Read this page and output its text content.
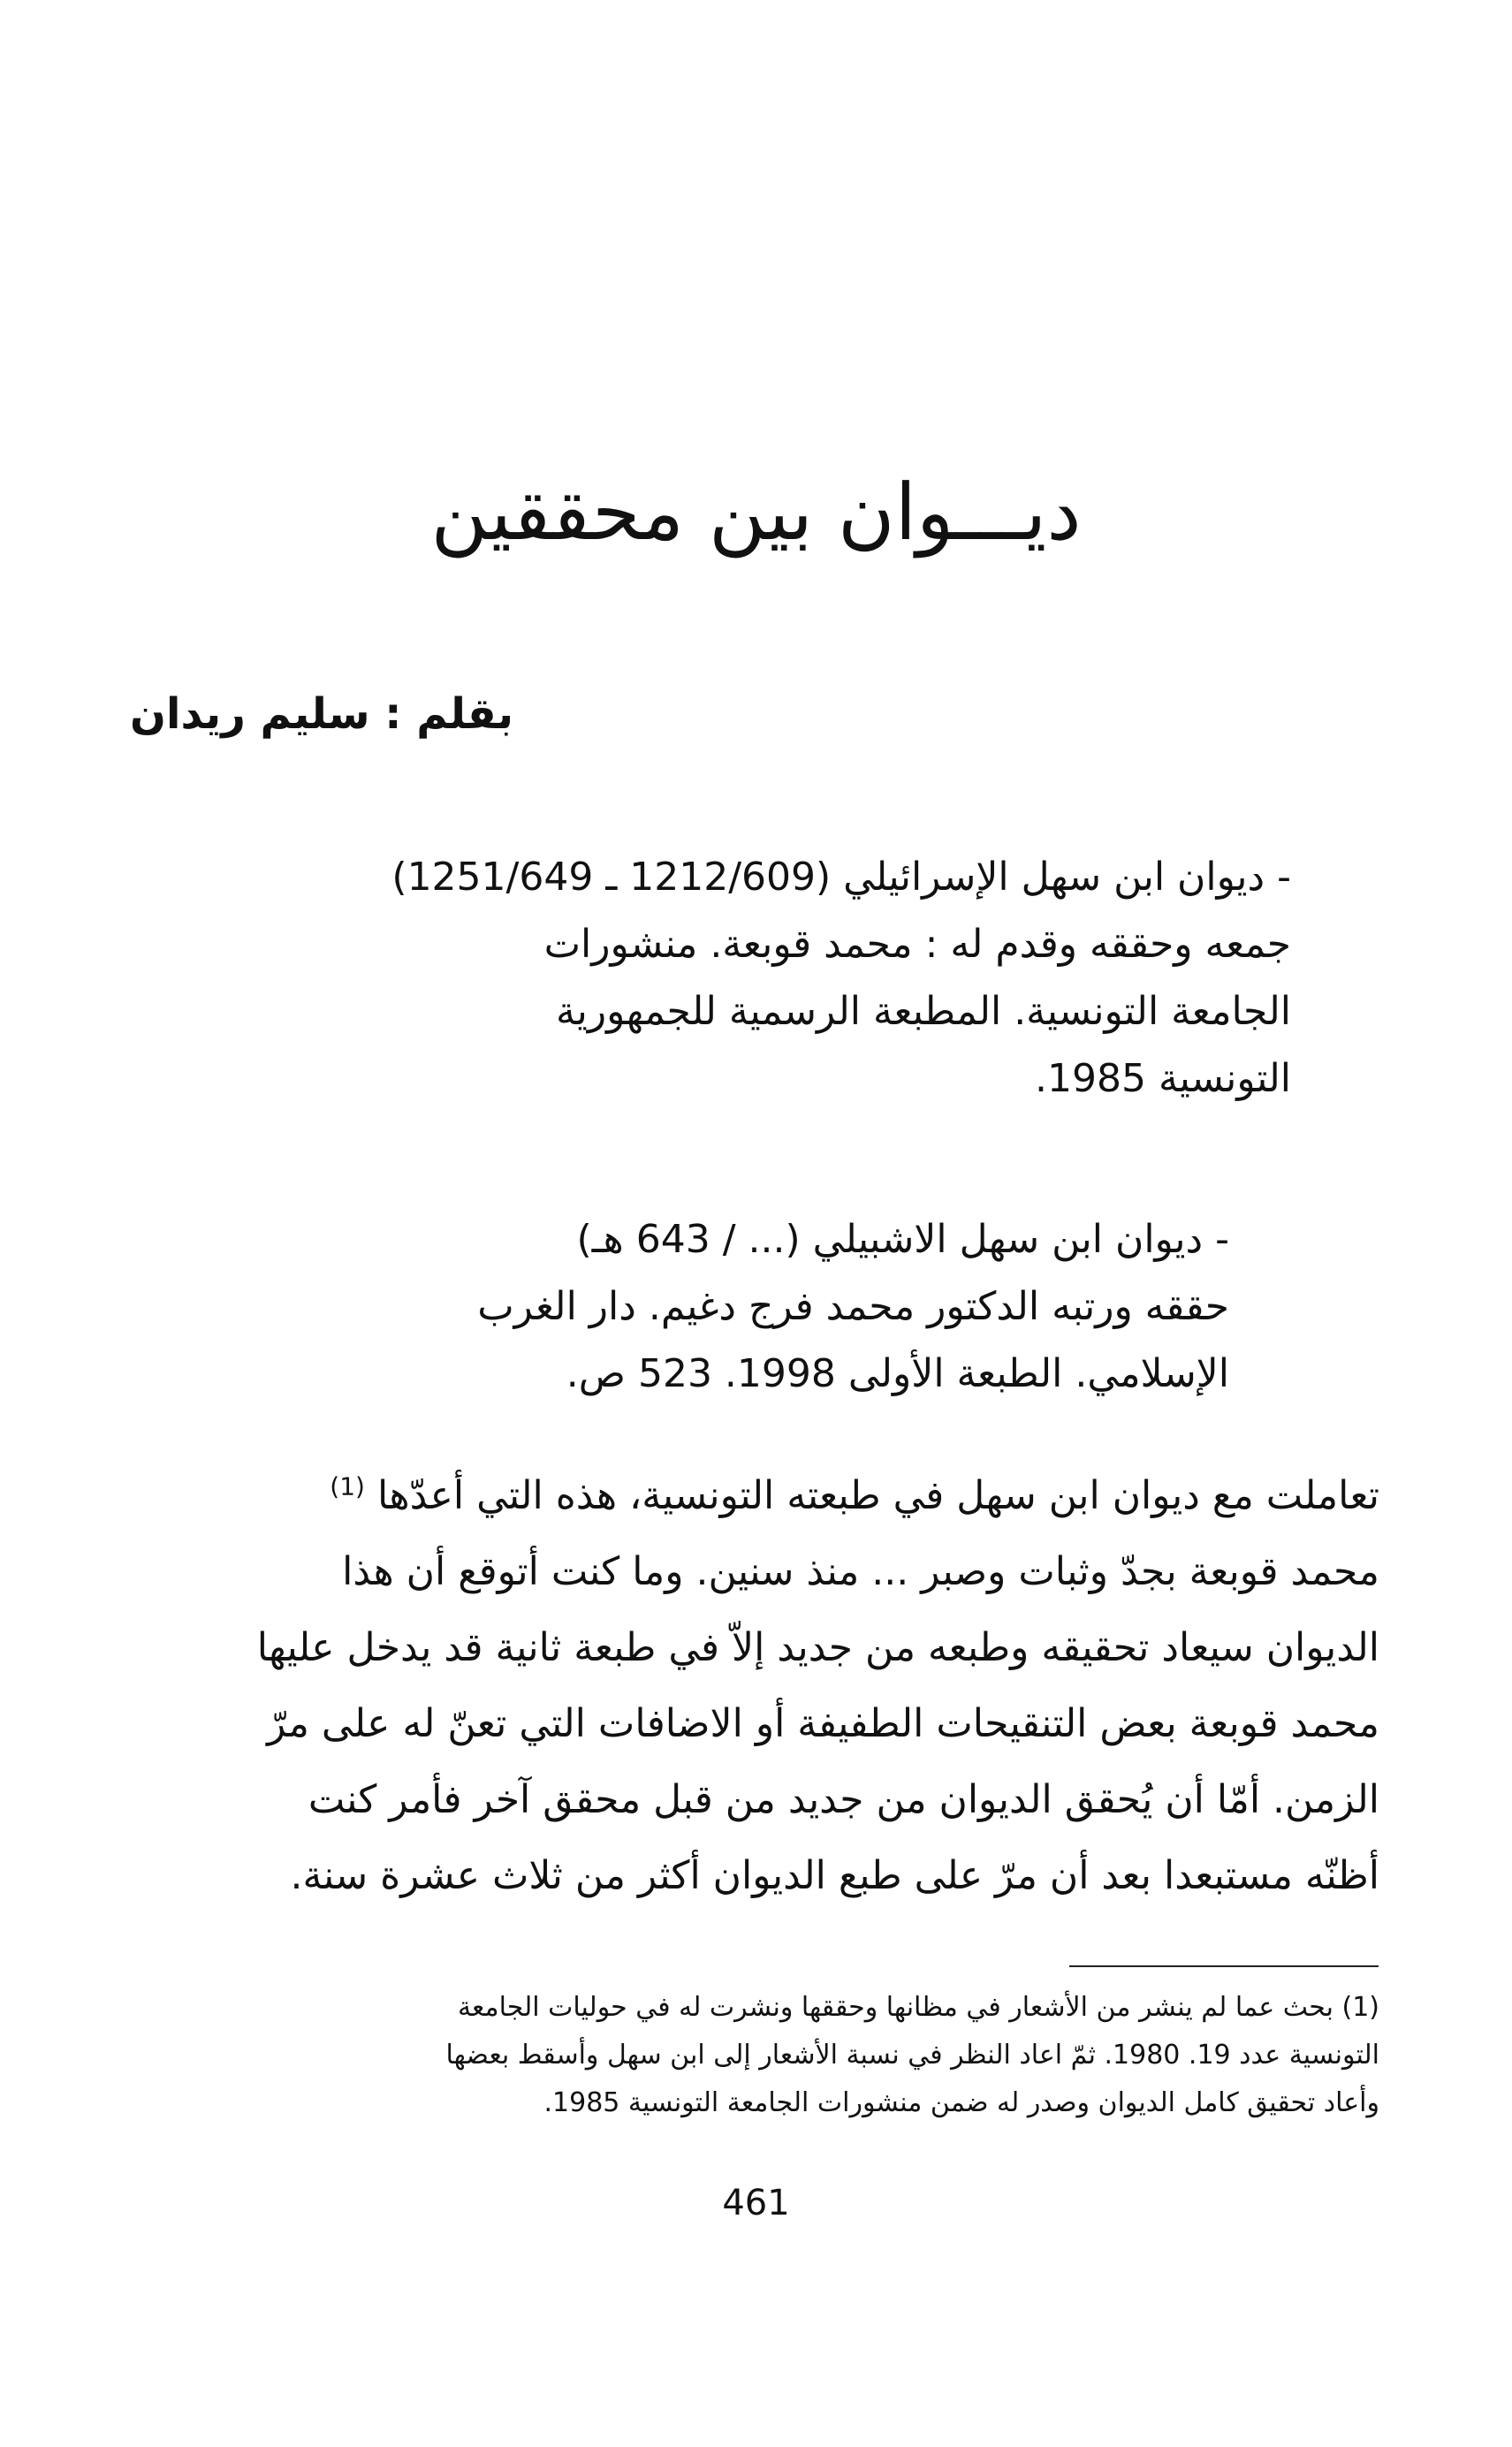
ديـــوان بين محققين
بقلم : سليم ريدان
- ديوان ابن سهل الإسرائيلي (1212/609 ـ 1251/649)
جمعه وحققه وقدم له : محمد قوبعة. منشورات
الجامعة التونسية. المطبعة الرسمية للجمهورية
التونسية 1985.
- ديوان ابن سهل الاشبيلي (... / 643 هـ)
حققه ورتبه الدكتور محمد فرج دغيم. دار الغرب
الإسلامي. الطبعة الأولى 1998. 523 ص.
تعاملت مع ديوان ابن سهل في طبعته التونسية، هذه التي أعدّها $^{(1)}$
محمد قوبعة بجدّ وثبات وصبر ... منذ سنين. وما كنت أتوقع أن هذا
الديوان سيعاد تحقيقه وطبعه من جديد إلاّ في طبعة ثانية قد يدخل عليها
محمد قوبعة بعض التنقيحات الطفيفة أو الاضافات التي تعنّ له على مرّ
الزمن. أمّا أن يُحقق الديوان من جديد من قبل محقق آخر فأمر كنت
أظنّه مستبعدا بعد أن مرّ على طبع الديوان أكثر من ثلاث عشرة سنة.
(1) بحث عما لم ينشر من الأشعار في مظانها وحققها ونشرت له في حوليات الجامعة
التونسية عدد 19. 1980. ثمّ اعاد النظر في نسبة الأشعار إلى ابن سهل وأسقط بعضها
وأعاد تحقيق كامل الديوان وصدر له ضمن منشورات الجامعة التونسية 1985.
461
